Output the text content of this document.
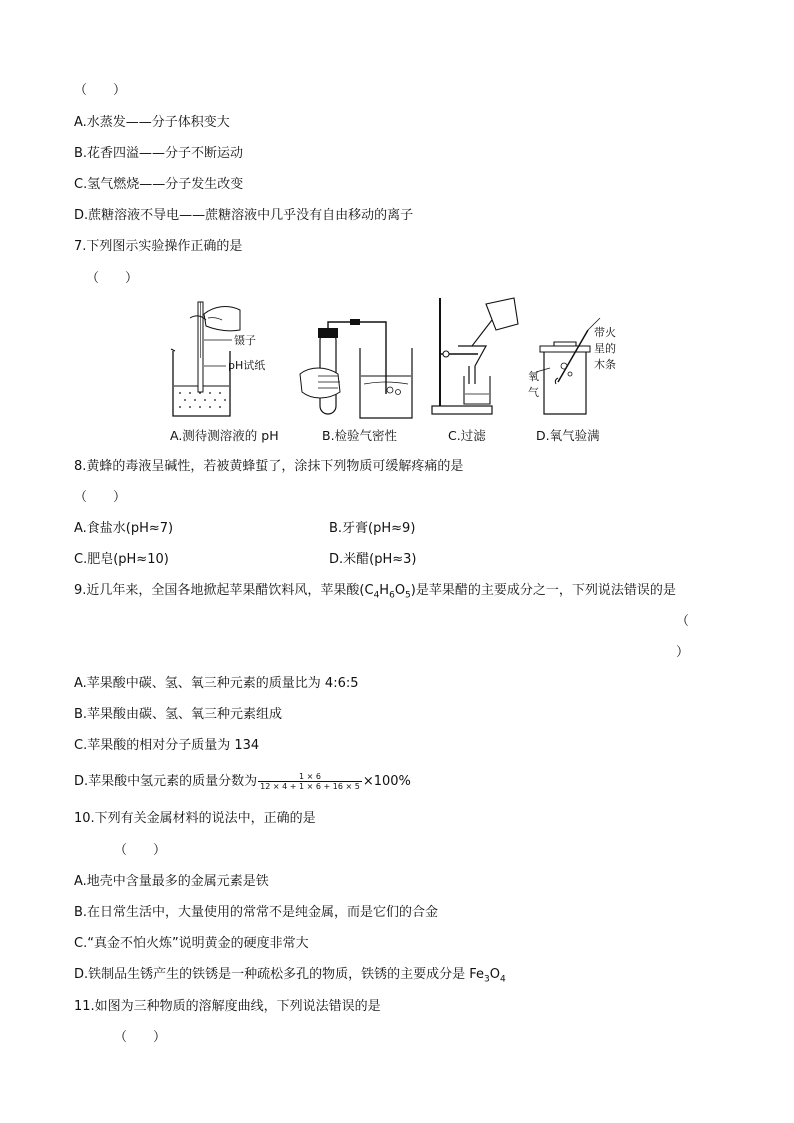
（　　）
A.水蒸发——分子体积变大
B.花香四溢——分子不断运动
C.氢气燃烧——分子发生改变
D.蔗糖溶液不导电——蔗糖溶液中几乎没有自由移动的离子
7.下列图示实验操作正确的是
（　　）
镊子
pH试纸
带火
星的
木条
氧
气
A.测待测溶液的 pH	B.检验气密性	C.过滤	D.氧气验满
8.黄蜂的毒液呈碱性，若被黄蜂蜇了，涂抹下列物质可缓解疼痛的是
（　　）
A.食盐水(pH≈7)	B.牙膏(pH≈9)
C.肥皂(pH≈10)	D.米醋(pH≈3)
9.近几年来，全国各地掀起苹果醋饮料风，苹果酸$(C_4H_6O_5)$是苹果醋的主要成分之一，下列说法错误的是
（
）
A.苹果酸中碳、氢、氧三种元素的质量比为 4:6:5
B.苹果酸由碳、氢、氧三种元素组成
C.苹果酸的相对分子质量为 134
D.苹果酸中氢元素的质量分数为 $\frac{1 \times 6}{12 \times 4 + 1 \times 6 + 16 \times 5} \times 100\%$
10.下列有关金属材料的说法中，正确的是
（　　）
A.地壳中含量最多的金属元素是铁
B.在日常生活中，大量使用的常常不是纯金属，而是它们的合金
C.“真金不怕火炼”说明黄金的硬度非常大
D.铁制品生锈产生的铁锈是一种疏松多孔的物质，铁锈的主要成分是 $Fe_3O_4$
11.如图为三种物质的溶解度曲线，下列说法错误的是
（　　）
